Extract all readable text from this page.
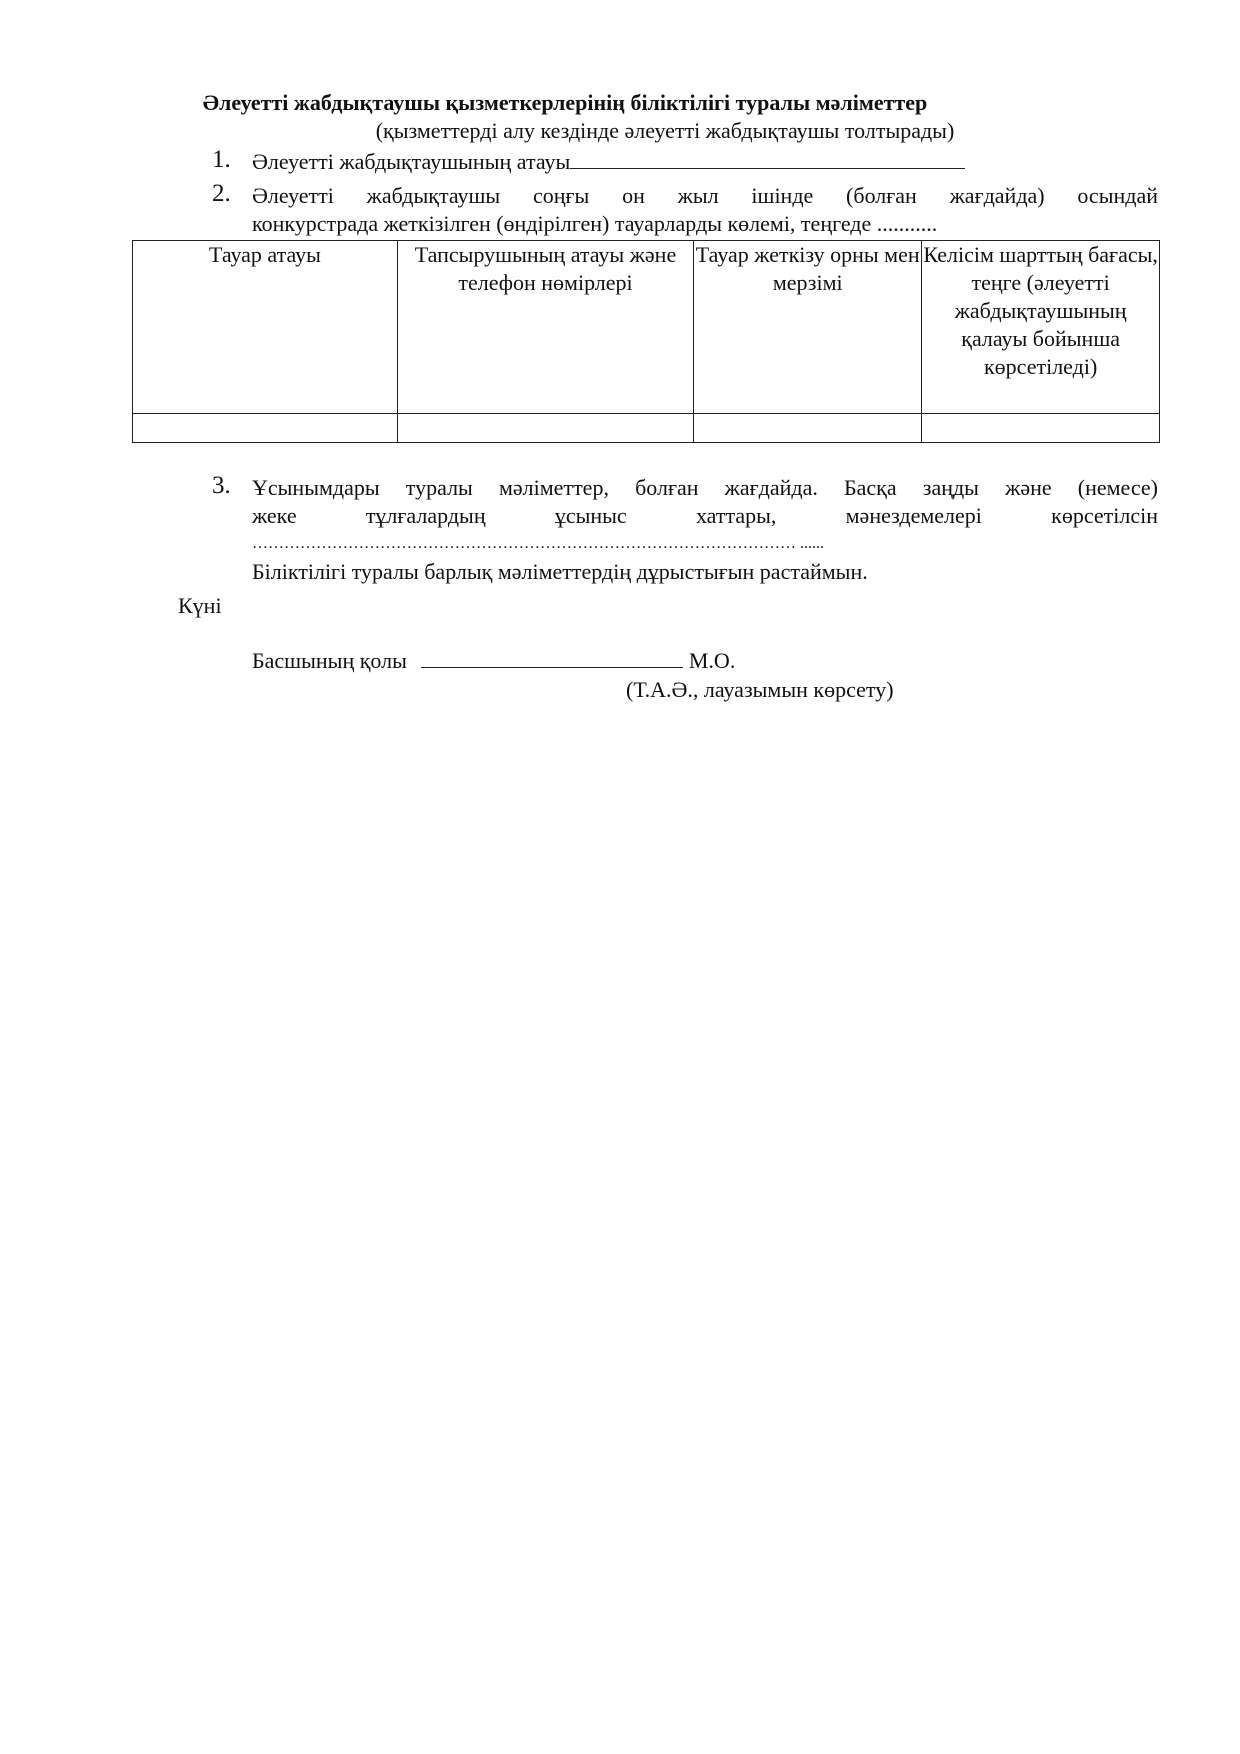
Әлеуетті жабдықтаушы қызметкерлерінің біліктілігі туралы мәліметтер
(қызметтерді алу кездінде әлеуетті жабдықтаушы толтырады)
1. Әлеуетті жабдықтаушының атауы
2. Әлеуетті жабдықтаушы соңғы он жыл ішінде (болған жағдайда) осындай
конкурстрада жеткізілген (өндірілген) тауарларды көлемі, теңгеде ...........
Тауар атауы	Тапсырушының атауы және телефон нөмірлері	Тауар жеткізу орны мен мерзімі	Келісім шарттың бағасы, теңге (әлеуетті жабдықтаушының қалауы бойынша көрсетіледі)

3. Ұсынымдары туралы мәліметтер, болған жағдайда. Басқа заңды және (немесе)
жеке тұлғалардың ұсыныс хаттары, мәнездемелері көрсетілсін
………………………………………………………………………………………… ......
Біліктілігі туралы барлық мәліметтердің дұрыстығын растаймын.
Күні
Басшының қолы	М.О.
(Т.А.Ә., лауазымын көрсету)
